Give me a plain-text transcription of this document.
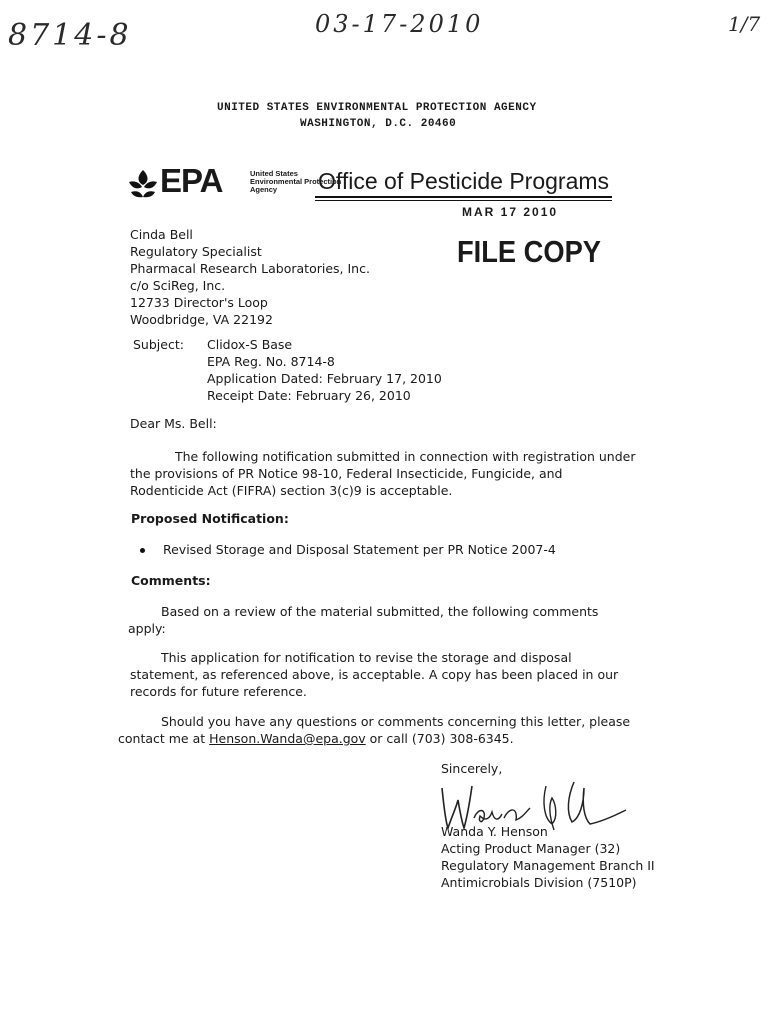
8714-8	03-17-2010	1/7
UNITED STATES ENVIRONMENTAL PROTECTION AGENCY
WASHINGTON, D.C. 20460
EPA	United States
Environmental Protection
Agency	Office of Pesticide Programs
MAR 17 2010
Cinda Bell
Regulatory Specialist
Pharmacal Research Laboratories, Inc.
c/o SciReg, Inc.
12733 Director's Loop
Woodbridge, VA 22192
FILE COPY
Subject: Clidox-S Base
EPA Reg. No. 8714-8
Application Dated: February 17, 2010
Receipt Date: February 26, 2010
Dear Ms. Bell:
The following notification submitted in connection with registration under
the provisions of PR Notice 98-10, Federal Insecticide, Fungicide, and
Rodenticide Act (FIFRA) section 3(c)9 is acceptable.
Proposed Notification:
Revised Storage and Disposal Statement per PR Notice 2007-4
Comments:
Based on a review of the material submitted, the following comments
apply:
This application for notification to revise the storage and disposal
statement, as referenced above, is acceptable. A copy has been placed in our
records for future reference.
Should you have any questions or comments concerning this letter, please
contact me at Henson.Wanda@epa.gov or call (703) 308-6345.
Sincerely,
Wanda Y. Henson
Acting Product Manager (32)
Regulatory Management Branch II
Antimicrobials Division (7510P)
